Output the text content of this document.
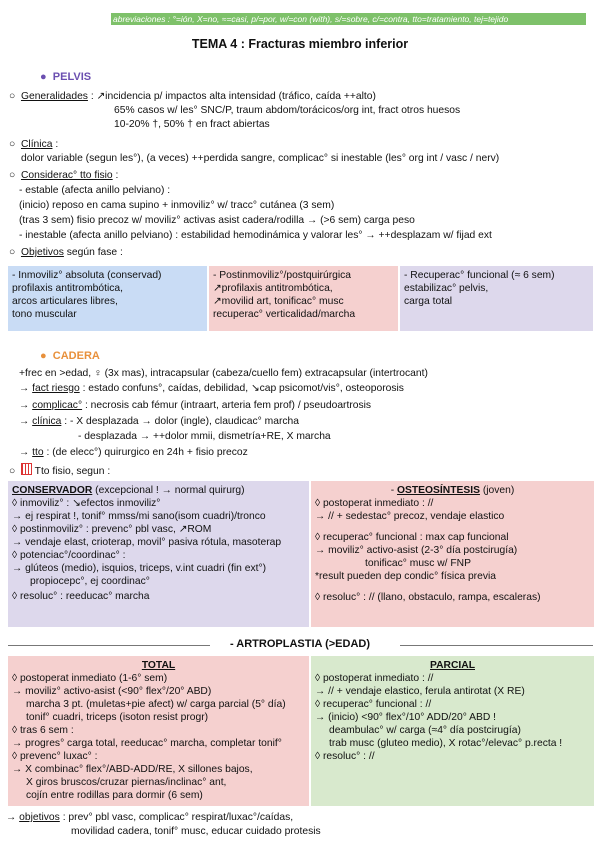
abreviaciones : °=ión, X=no, ≈=casi, p/=por, w/=con (with), s/=sobre, c/=contra, tto=tratamiento, tej=tejido
TEMA 4 : Fracturas miembro inferior
● PELVIS
○ Generalidades : ↗incidencia p/ impactos alta intensidad (tráfico, caída ++alto)
65% casos w/ les° SNC/P, traum abdom/torácicos/org int, fract otros huesos
10-20% †, 50% † en fract abiertas
○ Clínica :
dolor variable (segun les°), (a veces) ++perdida sangre, complicac° si inestable (les° org int / vasc / nerv)
○ Considerac° tto fisio :
- estable (afecta anillo pelviano) :
(inicio) reposo en cama supino + inmoviliz° w/ tracc° cutánea (3 sem)
(tras 3 sem) fisio precoz w/ moviliz° activas asist cadera/rodilla → (>6 sem) carga peso
- inestable (afecta anillo pelviano) : estabilidad hemodinámica y valorar les° → ++desplazam w/ fijad ext
○ Objetivos según fase :
- Inmoviliz° absoluta (conservad)
profilaxis antitrombótica,
arcos articulares libres,
tono muscular
- Postinmoviliz°/postquirúrgica
↗profilaxis antitrombótica,
↗movilid art, tonificac° musc
recuperac° verticalidad/marcha
- Recuperac° funcional (≈ 6 sem)
estabilizac° pelvis,
carga total
● CADERA
+frec en >edad, ♀ (3x mas), intracapsular (cabeza/cuello fem) extracapsular (intertrocant)
→ fact riesgo : estado confuns°, caídas, debilidad, ↘cap psicomot/vis°, osteoporosis
→ complicac° : necrosis cab fémur (intraart, arteria fem prof) / pseudoartrosis
→ clínica : - X desplazada → dolor (ingle), claudicac° marcha
- desplazada → ++dolor mmii, dismetría+RE, X marcha
→ tto : (de elecc°) quirurgico en 24h + fisio precoz
○ Tto fisio, segun :
CONSERVADOR (excepcional ! → normal quirurg)
◊ inmoviliz° : ↘efectos inmoviliz°
→ ej respirat !, tonif° mmss/mi sano(isom cuadri)/tronco
◊ postinmoviliz° : prevenc° pbl vasc, ↗ROM
→ vendaje elast, crioterap, movil° pasiva rótula, masoterap
◊ potenciac°/coordinac° :
→ glúteos (medio), isquios, triceps, v.int cuadri (fin ext°)
propiocepc°, ej coordinac°
◊ resoluc° : reeducac° marcha
- OSTEOSÍNTESIS (joven)
◊ postoperat inmediato : //
→ // + sedestac° precoz, vendaje elastico
◊ recuperac° funcional : max cap funcional
→ moviliz° activo-asist (2-3° día postcirugía)
tonificac° musc w/ FNP
*result pueden dep condic° física previa
◊ resoluc° : // (llano, obstaculo, rampa, escaleras)
- ARTROPLASTIA (>EDAD)
TOTAL
◊ postoperat inmediato (1-6° sem)
→ moviliz° activo-asist (<90° flex°/20° ABD)
marcha 3 pt. (muletas+pie afect) w/ carga parcial (5° día)
tonif° cuadri, triceps (isoton resist progr)
◊ tras 6 sem :
→ progres° carga total, reeducac° marcha, completar tonif°
◊ prevenc° luxac° :
→ X combinac° flex°/ABD-ADD/RE, X sillones bajos,
X giros bruscos/cruzar piernas/inclinac° ant,
cojín entre rodillas para dormir (6 sem)
PARCIAL
◊ postoperat inmediato : //
→ // + vendaje elastico, ferula antirotat (X RE)
◊ recuperac° funcional : //
→ (inicio) <90° flex°/10° ADD/20° ABD !
deambulac° w/ carga (≈4° día postcirugía)
trab musc (gluteo medio), X rotac°/elevac° p.recta !
◊ resoluc° : //
→ objetivos : prev° pbl vasc, complicac° respirat/luxac°/caídas,
movilidad cadera, tonif° musc, educar cuidado protesis
